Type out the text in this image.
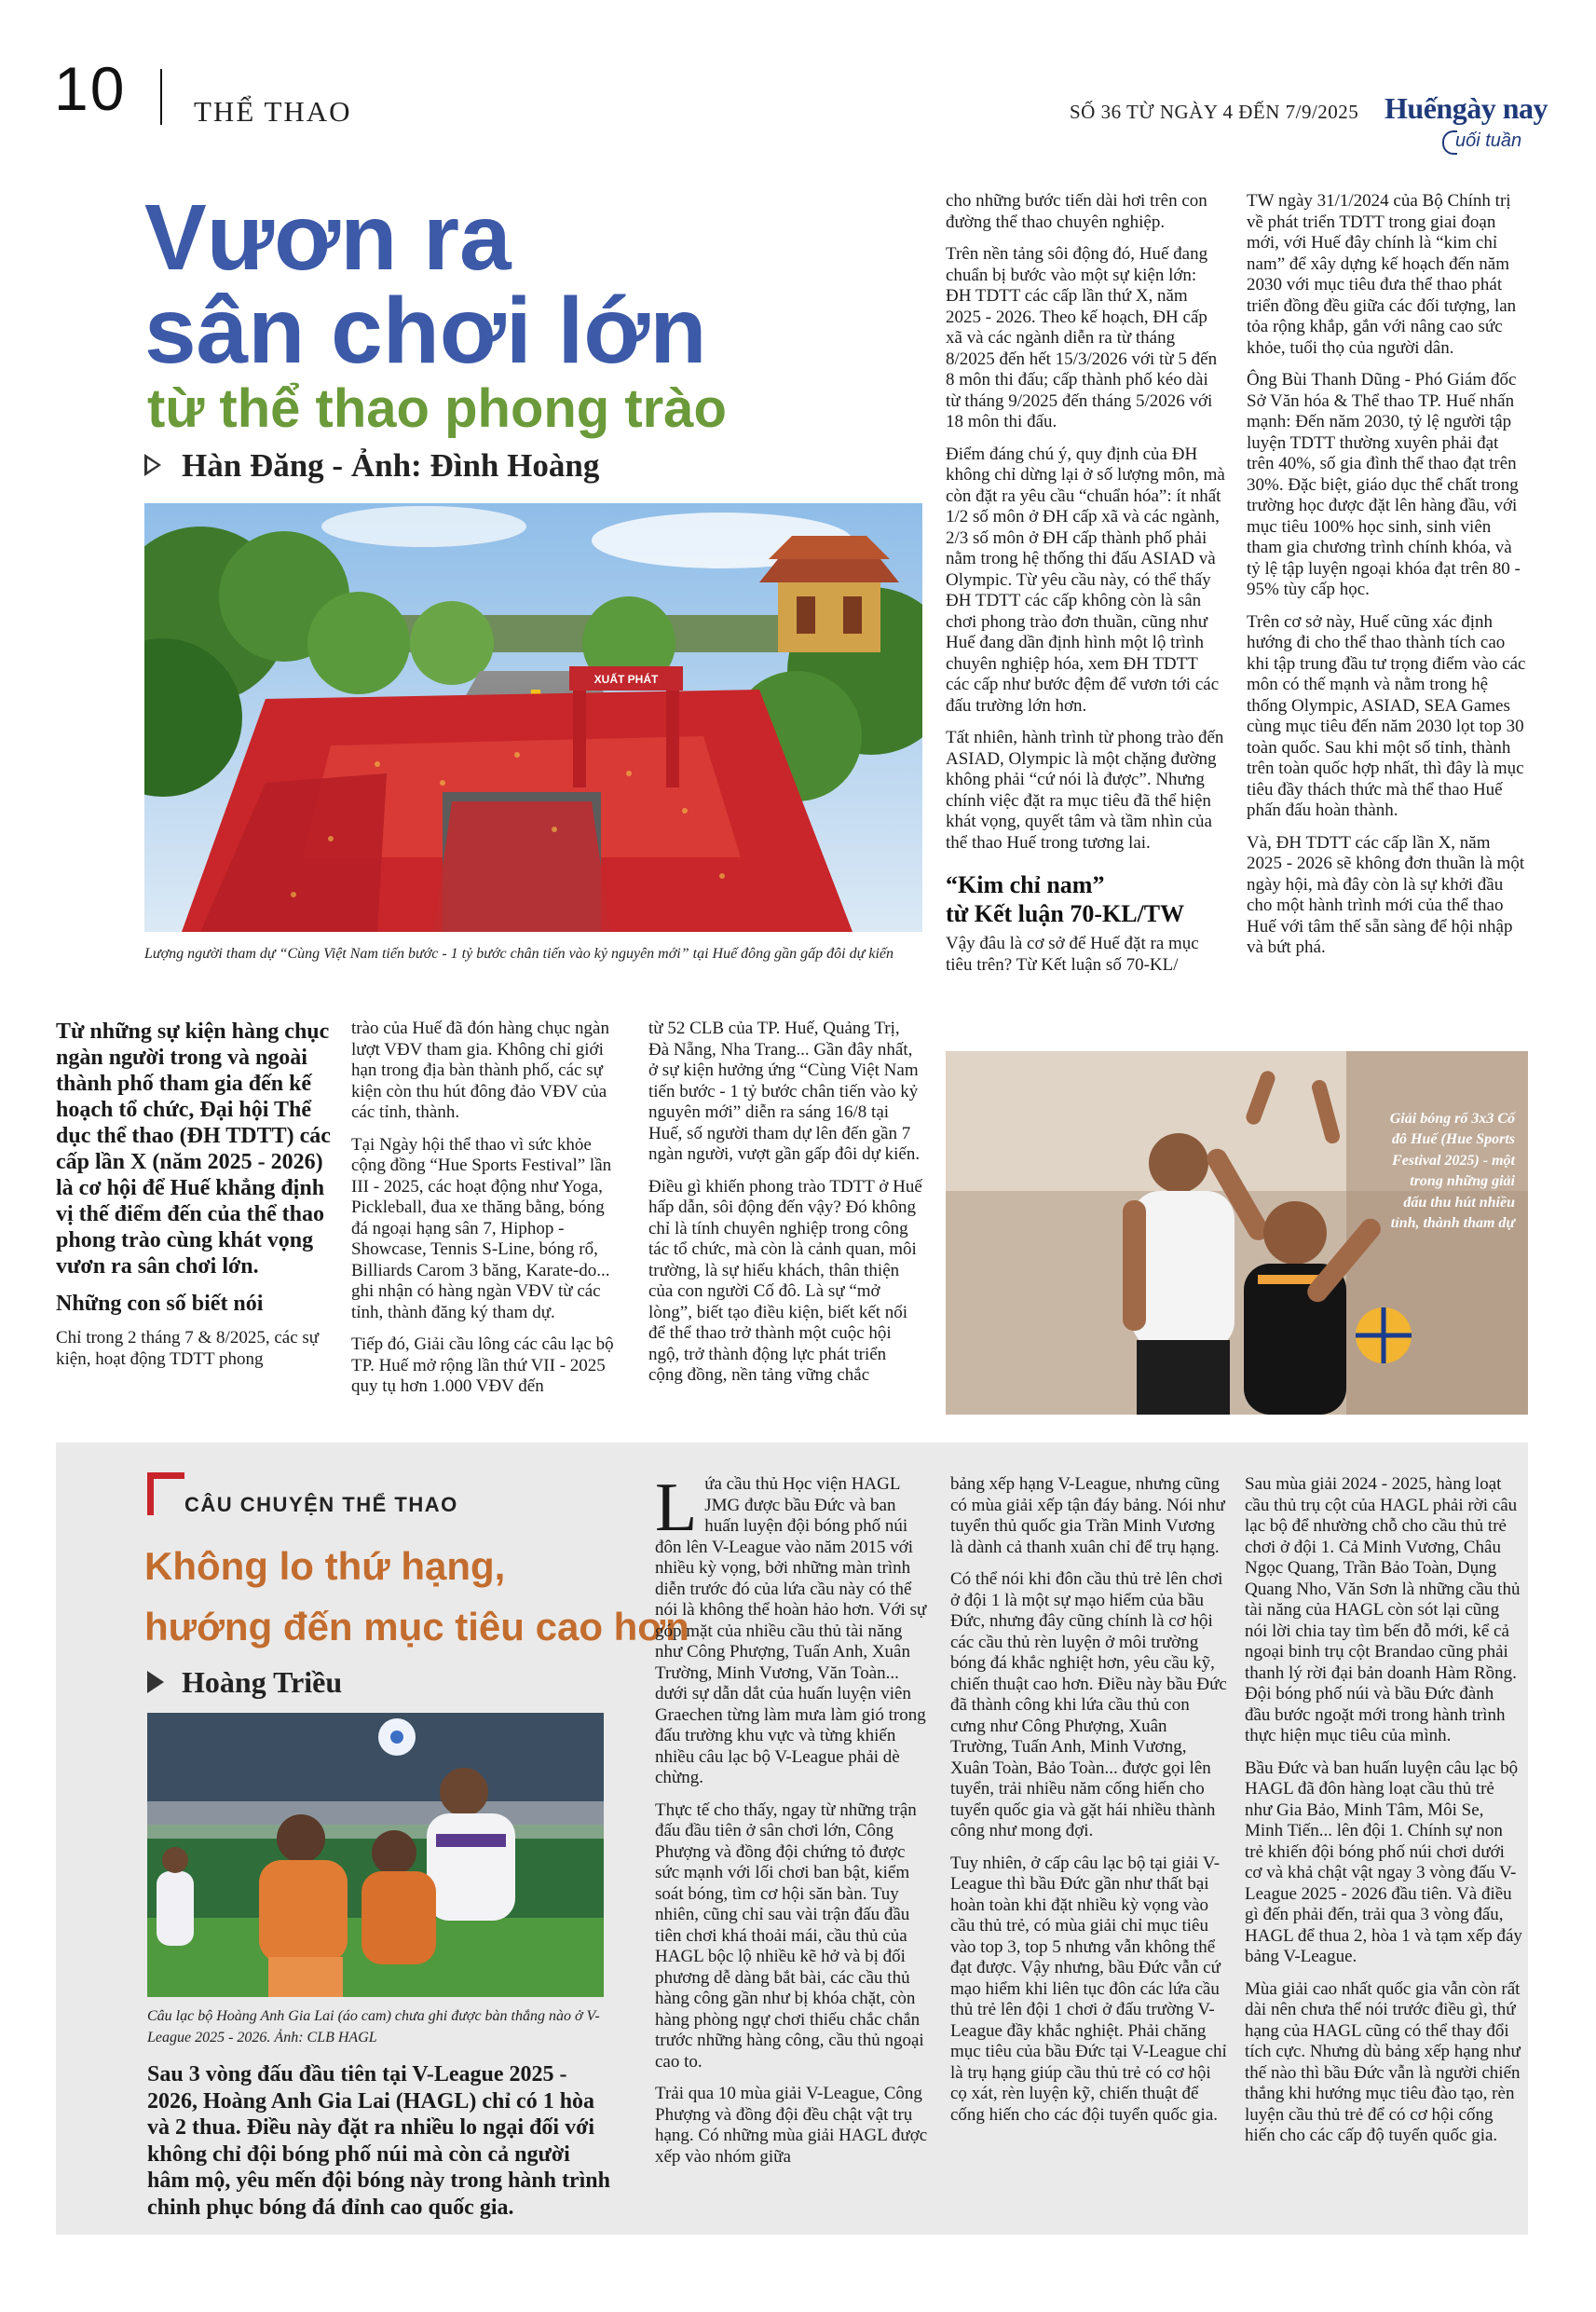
10 THỂ THAO	SỐ 36 TỪ NGÀY 4 ĐẾN 7/9/2025 Huếngày nay
uối tuần
Vươn ra
sân chơi lớn
từ thể thao phong trào
Hàn Đăng - Ảnh: Đình Hoàng
XUẤT PHÁT
Lượng người tham dự “Cùng Việt Nam tiến bước - 1 tỷ bước chân tiến vào kỷ nguyên mới” tại Huế đông gần gấp đôi dự kiến

Từ những sự kiện hàng chục ngàn người trong và ngoài thành phố tham gia đến kế hoạch tổ chức, Đại hội Thể dục thể thao (ĐH TDTT) các cấp lần X (năm 2025 - 2026) là cơ hội để Huế khẳng định vị thế điểm đến của thể thao phong trào cùng khát vọng vươn ra sân chơi lớn.

Những con số biết nói

Chỉ trong 2 tháng 7 & 8/2025, các sự kiện, hoạt động TDTT phong

trào của Huế đã đón hàng chục ngàn lượt VĐV tham gia. Không chỉ giới hạn trong địa bàn thành phố, các sự kiện còn thu hút đông đảo VĐV của các tỉnh, thành.

Tại Ngày hội thể thao vì sức khỏe cộng đồng “Hue Sports Festival” lần III - 2025, các hoạt động như Yoga, Pickleball, đua xe thăng bằng, bóng đá ngoại hạng sân 7, Hiphop - Showcase, Tennis S-Line, bóng rổ, Billiards Carom 3 băng, Karate-do... ghi nhận có hàng ngàn VĐV từ các tỉnh, thành đăng ký tham dự.

Tiếp đó, Giải cầu lông các câu lạc bộ TP. Huế mở rộng lần thứ VII - 2025 quy tụ hơn 1.000 VĐV đến

từ 52 CLB của TP. Huế, Quảng Trị, Đà Nẵng, Nha Trang... Gần đây nhất, ở sự kiện hưởng ứng “Cùng Việt Nam tiến bước - 1 tỷ bước chân tiến vào kỷ nguyên mới” diễn ra sáng 16/8 tại Huế, số người tham dự lên đến gần 7 ngàn người, vượt gần gấp đôi dự kiến.

Điều gì khiến phong trào TDTT ở Huế hấp dẫn, sôi động đến vậy? Đó không chỉ là tính chuyên nghiệp trong công tác tổ chức, mà còn là cảnh quan, môi trường, là sự hiếu khách, thân thiện của con người Cố đô. Là sự “mở lòng”, biết tạo điều kiện, biết kết nối để thể thao trở thành một cuộc hội ngộ, trở thành động lực phát triển cộng đồng, nền tảng vững chắc

cho những bước tiến dài hơi trên con đường thể thao chuyên nghiệp.

Trên nền tảng sôi động đó, Huế đang chuẩn bị bước vào một sự kiện lớn: ĐH TDTT các cấp lần thứ X, năm 2025 - 2026. Theo kế hoạch, ĐH cấp xã và các ngành diễn ra từ tháng 8/2025 đến hết 15/3/2026 với từ 5 đến 8 môn thi đấu; cấp thành phố kéo dài từ tháng 9/2025 đến tháng 5/2026 với 18 môn thi đấu.

Điểm đáng chú ý, quy định của ĐH không chỉ dừng lại ở số lượng môn, mà còn đặt ra yêu cầu “chuẩn hóa”: ít nhất 1/2 số môn ở ĐH cấp xã và các ngành, 2/3 số môn ở ĐH cấp thành phố phải nằm trong hệ thống thi đấu ASIAD và Olympic. Từ yêu cầu này, có thể thấy ĐH TDTT các cấp không còn là sân chơi phong trào đơn thuần, cũng như Huế đang dần định hình một lộ trình chuyên nghiệp hóa, xem ĐH TDTT các cấp như bước đệm để vươn tới các đấu trường lớn hơn.

Tất nhiên, hành trình từ phong trào đến ASIAD, Olympic là một chặng đường không phải “cứ nói là được”. Nhưng chính việc đặt ra mục tiêu đã thể hiện khát vọng, quyết tâm và tầm nhìn của thể thao Huế trong tương lai.

“Kim chỉ nam”
từ Kết luận 70-KL/TW

Vậy đâu là cơ sở để Huế đặt ra mục tiêu trên? Từ Kết luận số 70-KL/

TW ngày 31/1/2024 của Bộ Chính trị về phát triển TDTT trong giai đoạn mới, với Huế đây chính là “kim chỉ nam” để xây dựng kế hoạch đến năm 2030 với mục tiêu đưa thể thao phát triển đồng đều giữa các đối tượng, lan tỏa rộng khắp, gắn với nâng cao sức khỏe, tuổi thọ của người dân.

Ông Bùi Thanh Dũng - Phó Giám đốc Sở Văn hóa & Thể thao TP. Huế nhấn mạnh: Đến năm 2030, tỷ lệ người tập luyện TDTT thường xuyên phải đạt trên 40%, số gia đình thể thao đạt trên 30%. Đặc biệt, giáo dục thể chất trong trường học được đặt lên hàng đầu, với mục tiêu 100% học sinh, sinh viên tham gia chương trình chính khóa, và tỷ lệ tập luyện ngoại khóa đạt trên 80 - 95% tùy cấp học.

Trên cơ sở này, Huế cũng xác định hướng đi cho thể thao thành tích cao khi tập trung đầu tư trọng điểm vào các môn có thế mạnh và nằm trong hệ thống Olympic, ASIAD, SEA Games cùng mục tiêu đến năm 2030 lọt top 30 toàn quốc. Sau khi một số tỉnh, thành trên toàn quốc hợp nhất, thì đây là mục tiêu đầy thách thức mà thể thao Huế phấn đấu hoàn thành.

Và, ĐH TDTT các cấp lần X, năm 2025 - 2026 sẽ không đơn thuần là một ngày hội, mà đây còn là sự khởi đầu cho một hành trình mới của thể thao Huế với tâm thế sẵn sàng để hội nhập và bứt phá.

Giải bóng rổ 3x3 Cố đô Huế (Hue Sports Festival 2025) - một trong những giải đấu thu hút nhiều tỉnh, thành tham dự
CÂU CHUYỆN THỂ THAO
Không lo thứ hạng,
hướng đến mục tiêu cao hơn
Hoàng Triều
Câu lạc bộ Hoàng Anh Gia Lai (áo cam) chưa ghi được bàn thắng nào ở V-League 2025 - 2026. Ảnh: CLB HAGL
Sau 3 vòng đấu đầu tiên tại V-League 2025 - 2026, Hoàng Anh Gia Lai (HAGL) chỉ có 1 hòa và 2 thua. Điều này đặt ra nhiều lo ngại đối với không chỉ đội bóng phố núi mà còn cả người hâm mộ, yêu mến đội bóng này trong hành trình chinh phục bóng đá đỉnh cao quốc gia.

Lứa cầu thủ Học viện HAGL JMG được bầu Đức và ban huấn luyện đội bóng phố núi đôn lên V-League vào năm 2015 với nhiều kỳ vọng, bởi những màn trình diễn trước đó của lứa cầu này có thể nói là không thể hoàn hảo hơn. Với sự góp mặt của nhiều cầu thủ tài năng như Công Phượng, Tuấn Anh, Xuân Trường, Minh Vương, Văn Toàn... dưới sự dẫn dắt của huấn luyện viên Graechen từng làm mưa làm gió trong đấu trường khu vực và từng khiến nhiều câu lạc bộ V-League phải dè chừng.

Thực tế cho thấy, ngay từ những trận đấu đầu tiên ở sân chơi lớn, Công Phượng và đồng đội chứng tỏ được sức mạnh với lối chơi ban bật, kiểm soát bóng, tìm cơ hội săn bàn. Tuy nhiên, cũng chỉ sau vài trận đấu đầu tiên chơi khá thoải mái, cầu thủ của HAGL bộc lộ nhiều kẽ hở và bị đối phương dễ dàng bắt bài, các cầu thủ hàng công gần như bị khóa chặt, còn hàng phòng ngự chơi thiếu chắc chắn trước những hàng công, cầu thủ ngoại cao to.

Trải qua 10 mùa giải V-League, Công Phượng và đồng đội đều chật vật trụ hạng. Có những mùa giải HAGL được xếp vào nhóm giữa

bảng xếp hạng V-League, nhưng cũng có mùa giải xếp tận đáy bảng. Nói như tuyển thủ quốc gia Trần Minh Vương là dành cả thanh xuân chỉ để trụ hạng.

Có thể nói khi đôn cầu thủ trẻ lên chơi ở đội 1 là một sự mạo hiểm của bầu Đức, nhưng đây cũng chính là cơ hội các cầu thủ rèn luyện ở môi trường bóng đá khắc nghiệt hơn, yêu cầu kỹ, chiến thuật cao hơn. Điều này bầu Đức đã thành công khi lứa cầu thủ con cưng như Công Phượng, Xuân Trường, Tuấn Anh, Minh Vương, Xuân Toàn, Bảo Toàn... được gọi lên tuyển, trải nhiều năm cống hiến cho tuyển quốc gia và gặt hái nhiều thành công như mong đợi.

Tuy nhiên, ở cấp câu lạc bộ tại giải V-League thì bầu Đức gần như thất bại hoàn toàn khi đặt nhiều kỳ vọng vào cầu thủ trẻ, có mùa giải chỉ mục tiêu vào top 3, top 5 nhưng vẫn không thể đạt được. Vậy nhưng, bầu Đức vẫn cứ mạo hiểm khi liên tục đôn các lứa cầu thủ trẻ lên đội 1 chơi ở đấu trường V-League đầy khắc nghiệt. Phải chăng mục tiêu của bầu Đức tại V-League chỉ là trụ hạng giúp cầu thủ trẻ có cơ hội cọ xát, rèn luyện kỹ, chiến thuật để cống hiến cho các đội tuyển quốc gia.

Sau mùa giải 2024 - 2025, hàng loạt cầu thủ trụ cột của HAGL phải rời câu lạc bộ để nhường chỗ cho cầu thủ trẻ chơi ở đội 1. Cả Minh Vương, Châu Ngọc Quang, Trần Bảo Toàn, Dụng Quang Nho, Văn Sơn là những cầu thủ tài năng của HAGL còn sót lại cũng nói lời chia tay tìm bến đỗ mới, kể cả ngoại binh trụ cột Brandao cũng phải thanh lý rời đại bản doanh Hàm Rồng. Đội bóng phố núi và bầu Đức đành đầu bước ngoặt mới trong hành trình thực hiện mục tiêu của mình.

Bầu Đức và ban huấn luyện câu lạc bộ HAGL đã đôn hàng loạt cầu thủ trẻ như Gia Bảo, Minh Tâm, Môi Se, Minh Tiến... lên đội 1. Chính sự non trẻ khiến đội bóng phố núi chơi dưới cơ và khả chật vật ngay 3 vòng đấu V-League 2025 - 2026 đầu tiên. Và điều gì đến phải đến, trải qua 3 vòng đấu, HAGL để thua 2, hòa 1 và tạm xếp đáy bảng V-League.

Mùa giải cao nhất quốc gia vẫn còn rất dài nên chưa thể nói trước điều gì, thứ hạng của HAGL cũng có thể thay đổi tích cực. Nhưng dù bảng xếp hạng như thế nào thì bầu Đức vẫn là người chiến thắng khi hướng mục tiêu đào tạo, rèn luyện cầu thủ trẻ để có cơ hội cống hiến cho các cấp độ tuyển quốc gia.
